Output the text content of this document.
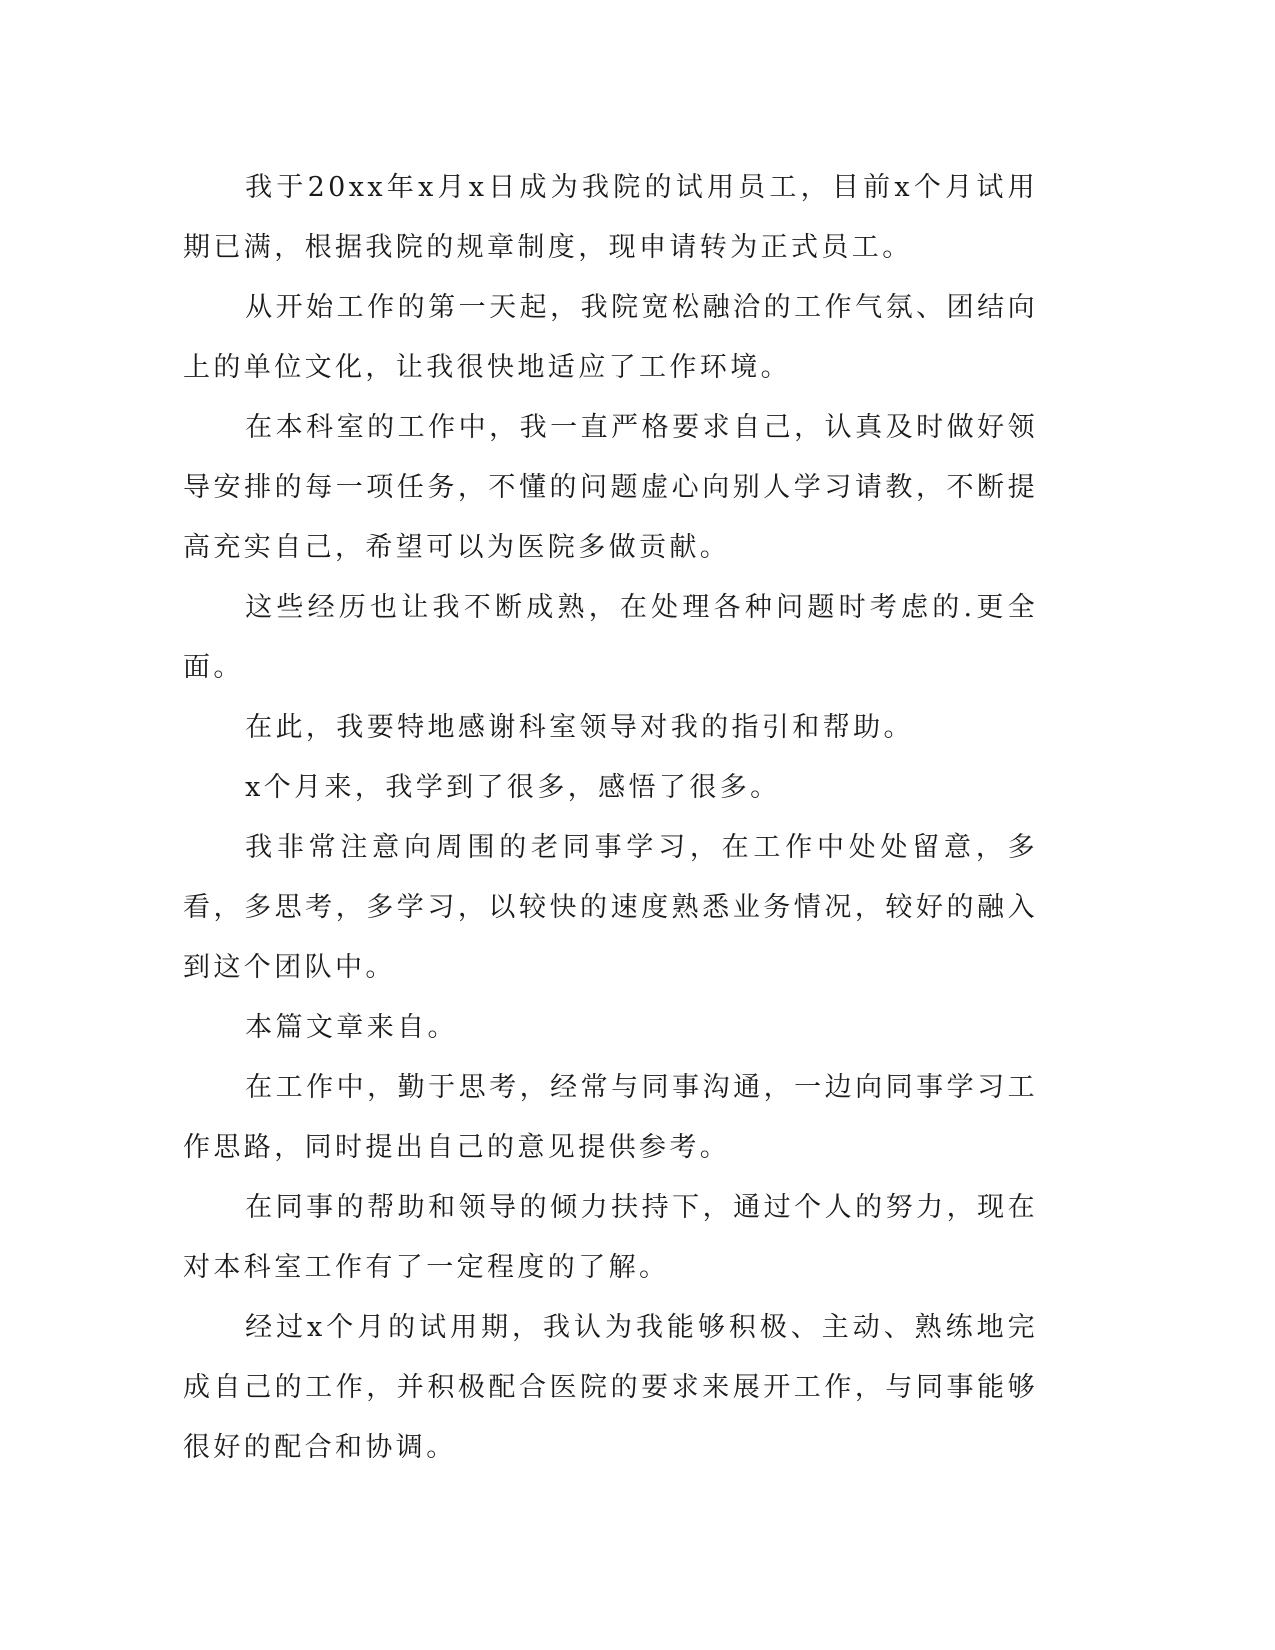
我于20xx年x月x日成为我院的试用员工，目前x个月试用期已满，根据我院的规章制度，现申请转为正式员工。

从开始工作的第一天起，我院宽松融洽的工作气氛、团结向上的单位文化，让我很快地适应了工作环境。

在本科室的工作中，我一直严格要求自己，认真及时做好领导安排的每一项任务，不懂的问题虚心向别人学习请教，不断提高充实自己，希望可以为医院多做贡献。

这些经历也让我不断成熟，在处理各种问题时考虑的.更全面。

在此，我要特地感谢科室领导对我的指引和帮助。

x个月来，我学到了很多，感悟了很多。

我非常注意向周围的老同事学习，在工作中处处留意，多看，多思考，多学习，以较快的速度熟悉业务情况，较好的融入到这个团队中。

本篇文章来自。

在工作中，勤于思考，经常与同事沟通，一边向同事学习工作思路，同时提出自己的意见提供参考。

在同事的帮助和领导的倾力扶持下，通过个人的努力，现在对本科室工作有了一定程度的了解。

经过x个月的试用期，我认为我能够积极、主动、熟练地完成自己的工作，并积极配合医院的要求来展开工作，与同事能够很好的配合和协调。
